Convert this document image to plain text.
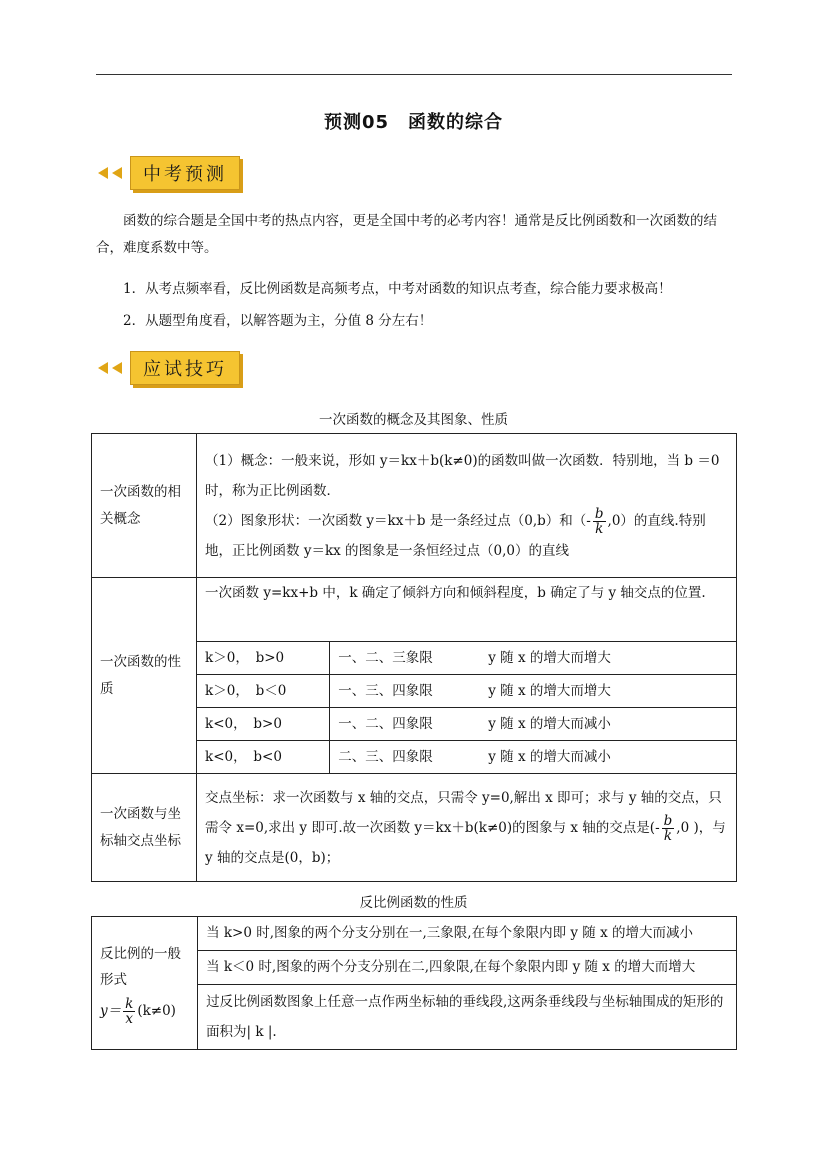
预测05　函数的综合
中考预测
函数的综合题是全国中考的热点内容，更是全国中考的必考内容！通常是反比例函数和一次函数的结合，难度系数中等。
1．从考点频率看，反比例函数是高频考点，中考对函数的知识点考查，综合能力要求极高！
2．从题型角度看，以解答题为主，分值 8 分左右！
应试技巧
一次函数的概念及其图象、性质
一次函数的相关概念	（1）概念：一般来说，形如 y＝kx＋b(k≠0)的函数叫做一次函数．特别地，当 b ＝0 时，称为正比例函数．
（2）图象形状：一次函数 y＝kx＋b 是一条经过点（0,b）和（- $\frac{b}{k} ,0$）的直线.特别地，正比例函数 y＝kx 的图象是一条恒经过点（0,0）的直线	

一次函数的性质	一次函数 y=kx+b 中，k 确定了倾斜方向和倾斜程度，b 确定了与 y 轴交点的位置.	
	k＞0，　b>0	一、二、三象限 y 随 x 的增大而增大
	k＞0，　b＜0	一、三、四象限 y 随 x 的增大而增大
	k<0，　b>0	一、二、四象限 y 随 x 的增大而减小
	k<0，　b<0	二、三、四象限 y 随 x 的增大而减小
一次函数与坐标轴交点坐标	交点坐标：求一次函数与 x 轴的交点，只需令 y=0,解出 x 即可；求与 y 轴的交点，只需令 x=0,求出 y 即可.故一次函数 y＝kx＋b(k≠0)的图象与 x 轴的交点是(- $\frac{b}{k} ,0$ )，与 y 轴的交点是(0，b)；	
反比例函数的性质
反比例的一般形式
$y= \frac{k}{x} (k\ne 0)$
	当 k>0 时,图象的两个分支分别在一,三象限,在每个象限内即 y 随 x 的增大而减小
当 k＜0 时,图象的两个分支分别在二,四象限,在每个象限内即 y 随 x 的增大而增大
过反比例函数图象上任意一点作两坐标轴的垂线段,这两条垂线段与坐标轴围成的矩形的面积为| k |.
